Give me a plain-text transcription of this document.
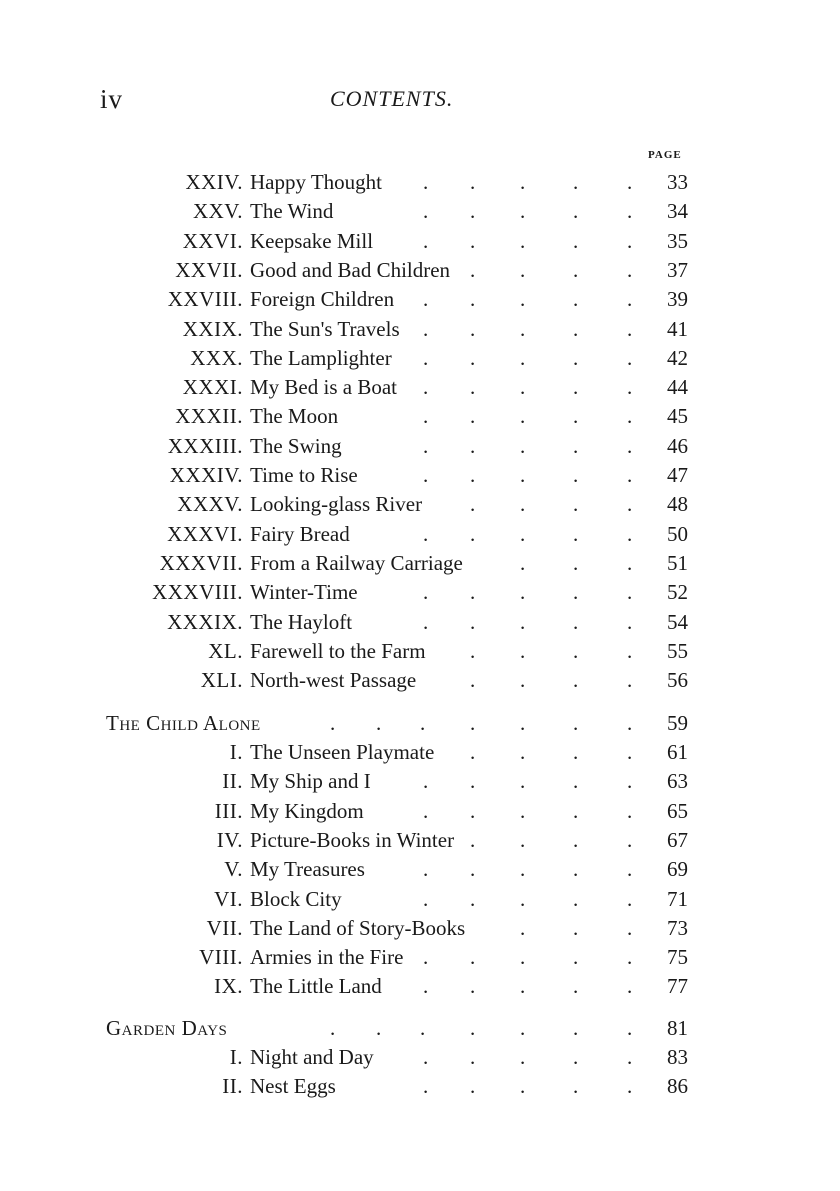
iv	CONTENTS.
PAGE
XXIV. Happy Thought	33
. . . . .
XXV. The Wind	34
. . . . .
XXVI. Keepsake Mill	35
. . . . .
XXVII. Good and Bad Children	37
. . . .
XXVIII. Foreign Children	39
. . . . .
XXIX. The Sun's Travels	41
. . . . .
XXX. The Lamplighter	42
. . . . .
XXXI. My Bed is a Boat	44
. . . . .
XXXII. The Moon	45
. . . . .
XXXIII. The Swing	46
. . . . .
XXXIV. Time to Rise	47
. . . . .
XXXV. Looking-glass River	48
. . . .
XXXVI. Fairy Bread	50
. . . . .
XXXVII. From a Railway Carriage	51
. . .
XXXVIII. Winter-Time	52
. . . . .
XXXIX. The Hayloft	54
. . . . .
XL. Farewell to the Farm	55
. . . .
XLI. North-west Passage	56
. . . .
The Child Alone	59
. . . . . . .
I. The Unseen Playmate	61
. . . .
II. My Ship and I	63
. . . . .
III. My Kingdom	65
. . . . .
IV. Picture-Books in Winter	67
. . . .
V. My Treasures	69
. . . . .
VI. Block City	71
. . . . .
VII. The Land of Story-Books	73
. . .
VIII. Armies in the Fire	75
. . . . .
IX. The Little Land	77
. . . . .
Garden Days	81
. . . . . . .
I. Night and Day	83
. . . . .
II. Nest Eggs	86
. . . . .
